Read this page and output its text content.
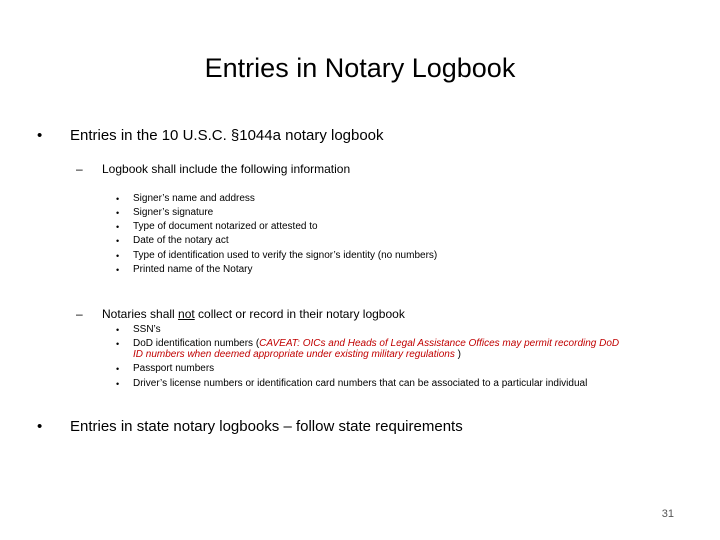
Entries in Notary Logbook
• Entries in the 10 U.S.C. §1044a notary logbook
– Logbook shall include the following information
• Signer’s name and address
• Signer’s signature
• Type of document notarized or attested to
• Date of the notary act
• Type of identification used to verify the signor’s identity (no numbers)
• Printed name of the Notary
– Notaries shall not collect or record in their notary logbook
• SSN’s
• DoD identification numbers (CAVEAT: OICs and Heads of Legal Assistance Offices may permit recording DoD
ID numbers when deemed appropriate under existing military regulations )
• Passport numbers
• Driver’s license numbers or identification card numbers that can be associated to a particular individual
• Entries in state notary logbooks – follow state requirements
31
